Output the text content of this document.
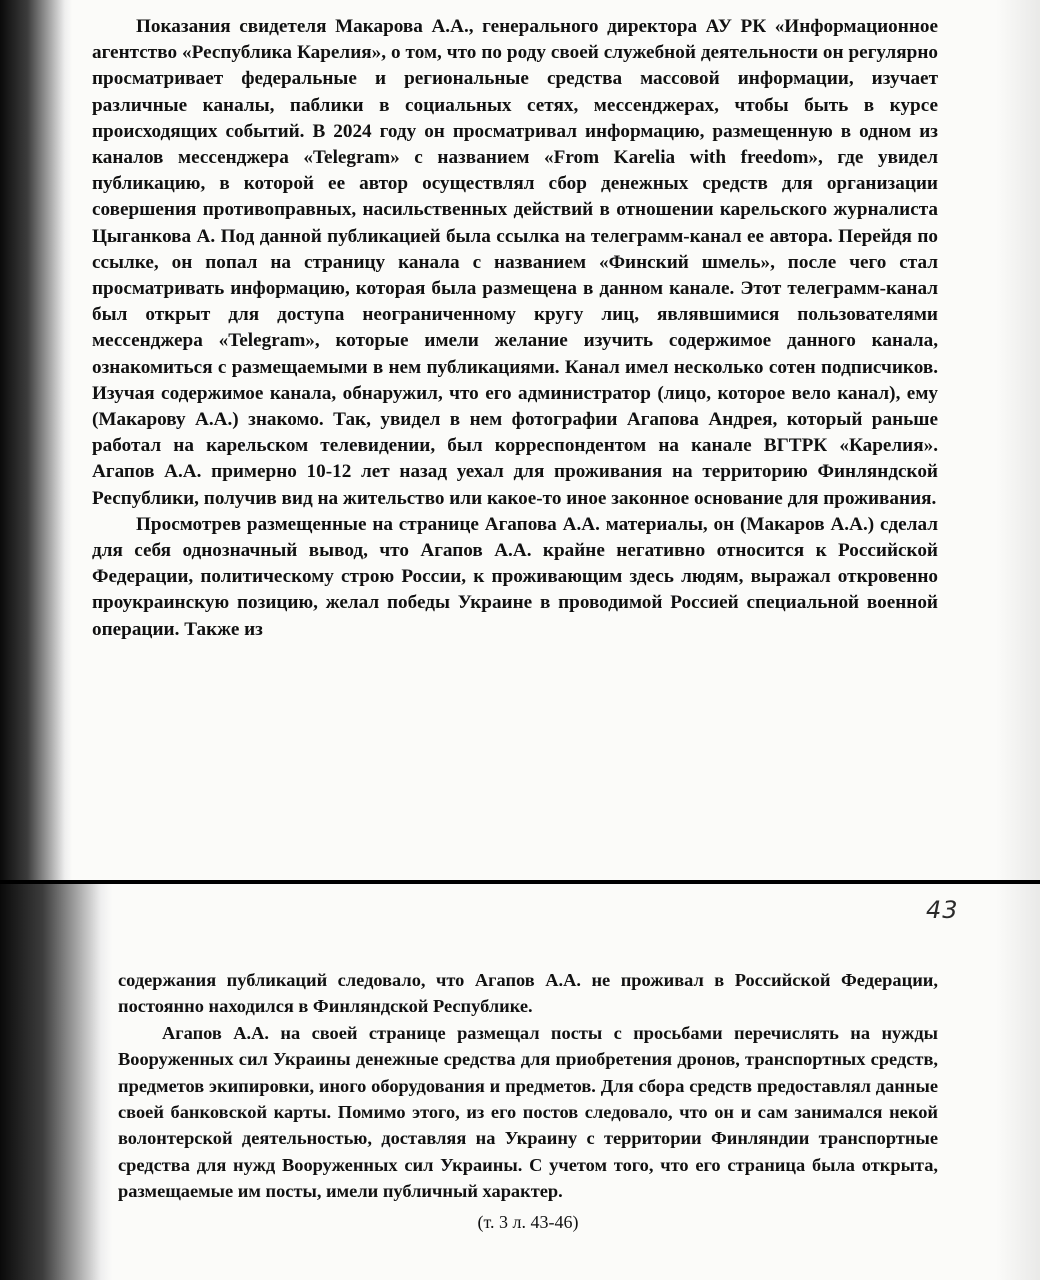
Показания свидетеля Макарова А.А., генерального директора АУ РК «Информационное агентство «Республика Карелия», о том, что по роду своей служебной деятельности он регулярно просматривает федеральные и региональные средства массовой информации, изучает различные каналы, паблики в социальных сетях, мессенджерах, чтобы быть в курсе происходящих событий. В 2024 году он просматривал информацию, размещенную в одном из каналов мессенджера «Telegram» с названием «From Karelia with freedom», где увидел публикацию, в которой ее автор осуществлял сбор денежных средств для организации совершения противоправных, насильственных действий в отношении карельского журналиста Цыганкова А. Под данной публикацией была ссылка на телеграмм-канал ее автора. Перейдя по ссылке, он попал на страницу канала с названием «Финский шмель», после чего стал просматривать информацию, которая была размещена в данном канале. Этот телеграмм-канал был открыт для доступа неограниченному кругу лиц, являвшимися пользователями мессенджера «Telegram», которые имели желание изучить содержимое данного канала, ознакомиться с размещаемыми в нем публикациями. Канал имел несколько сотен подписчиков. Изучая содержимое канала, обнаружил, что его администратор (лицо, которое вело канал), ему (Макарову А.А.) знакомо. Так, увидел в нем фотографии Агапова Андрея, который раньше работал на карельском телевидении, был корреспондентом на канале ВГТРК «Карелия». Агапов А.А. примерно 10-12 лет назад уехал для проживания на территорию Финляндской Республики, получив вид на жительство или какое-то иное законное основание для проживания.

Просмотрев размещенные на странице Агапова А.А. материалы, он (Макаров А.А.) сделал для себя однозначный вывод, что Агапов А.А. крайне негативно относится к Российской Федерации, политическому строю России, к проживающим здесь людям, выражал откровенно проукраинскую позицию, желал победы Украине в проводимой Россией специальной военной операции. Также из

43

содержания публикаций следовало, что Агапов А.А. не проживал в Российской Федерации, постоянно находился в Финляндской Республике.

Агапов А.А. на своей странице размещал посты с просьбами перечислять на нужды Вооруженных сил Украины денежные средства для приобретения дронов, транспортных средств, предметов экипировки, иного оборудования и предметов. Для сбора средств предоставлял данные своей банковской карты. Помимо этого, из его постов следовало, что он и сам занимался некой волонтерской деятельностью, доставляя на Украину с территории Финляндии транспортные средства для нужд Вооруженных сил Украины. С учетом того, что его страница была открыта, размещаемые им посты, имели публичный характер.

(т. 3 л. 43-46)
